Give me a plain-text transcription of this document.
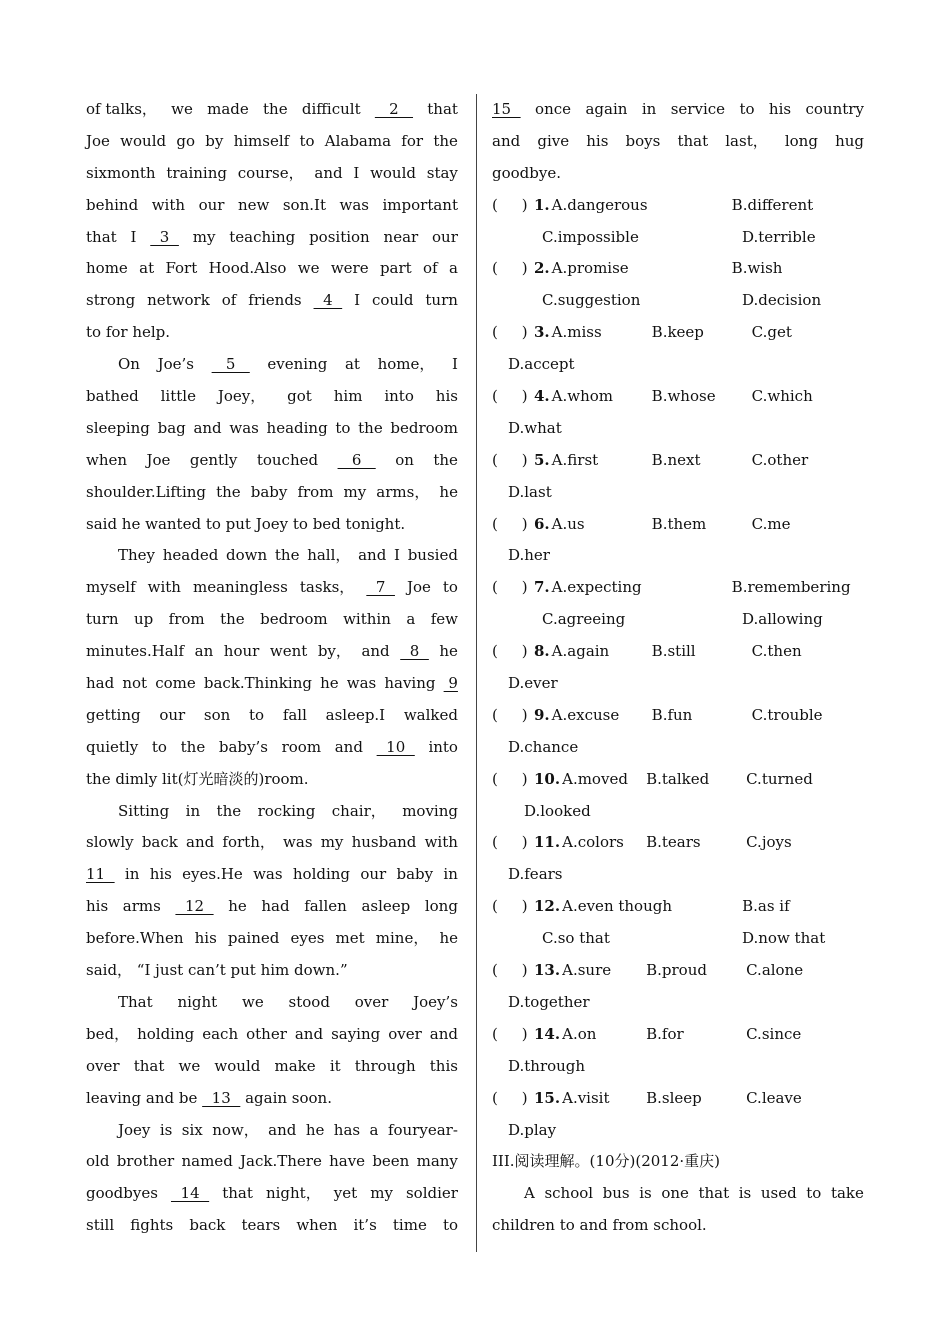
of talks， we made the difficult 2 that
Joe would go by himself to Alabama for the
sixmonth training course， and I would stay
behind with our new son.It was important
that I 3 my teaching position near our
home at Fort Hood.Also we were part of a
strong network of friends 4 I could turn
to for help.
On Joe’s 5 evening at home， I
bathed little Joey， got him into his
sleeping bag and was heading to the bedroom
when Joe gently touched 6 on the
shoulder.Lifting the baby from my arms， he
said he wanted to put Joey to bed tonight.
They headed down the hall， and I busied
myself with meaningless tasks， 7 Joe to
turn up from the bedroom within a few
minutes.Half an hour went by， and 8 he
had not come back.Thinking he was having 9
getting our son to fall asleep.I walked
quietly to the baby’s room and 10 into
the dimly lit(灯光暗淡的)room.
Sitting in the rocking chair， moving
slowly back and forth， was my husband with
11 in his eyes.He was holding our baby in
his arms 12 he had fallen asleep long
before.When his pained eyes met mine， he
said， “I just can’t put him down.”
That night we stood over Joey’s
bed， holding each other and saying over and
over that we would make it through this
leaving and be   13   again soon.
Joey is six now， and he has a fouryear-
old brother named Jack.There have been many
goodbyes 14 that night， yet my soldier
still fights back tears when it’s time to
15 once again in service to his country
and give his boys that last， long hug
goodbye.
(     ) 1. A.dangerous	B.different
C.impossible	D.terrible
(     ) 2. A.promise	B.wish
C.suggestion	D.decision
(     ) 3. A.miss	B.keep	C.get
D.accept
(     ) 4. A.whom	B.whose	C.which
D.what
(     ) 5. A.first	B.next	C.other
D.last
(     ) 6. A.us	B.them	C.me
D.her
(     ) 7. A.expecting	B.remembering
C.agreeing	D.allowing
(     ) 8. A.again	B.still	C.then
D.ever
(     ) 9. A.excuse	B.fun	C.trouble
D.chance
(     ) 10. A.moved	B.talked	C.turned
D.looked
(     ) 11. A.colors	B.tears	C.joys
D.fears
(     ) 12. A.even though	B.as if
C.so that	D.now that
(     ) 13. A.sure	B.proud	C.alone
D.together
(     ) 14. A.on	B.for	C.since
D.through
(     ) 15. A.visit	B.sleep	C.leave
D.play
III.阅读理解。(10分)(2012·重庆)
A school bus is one that is used to take
children to and from school.
